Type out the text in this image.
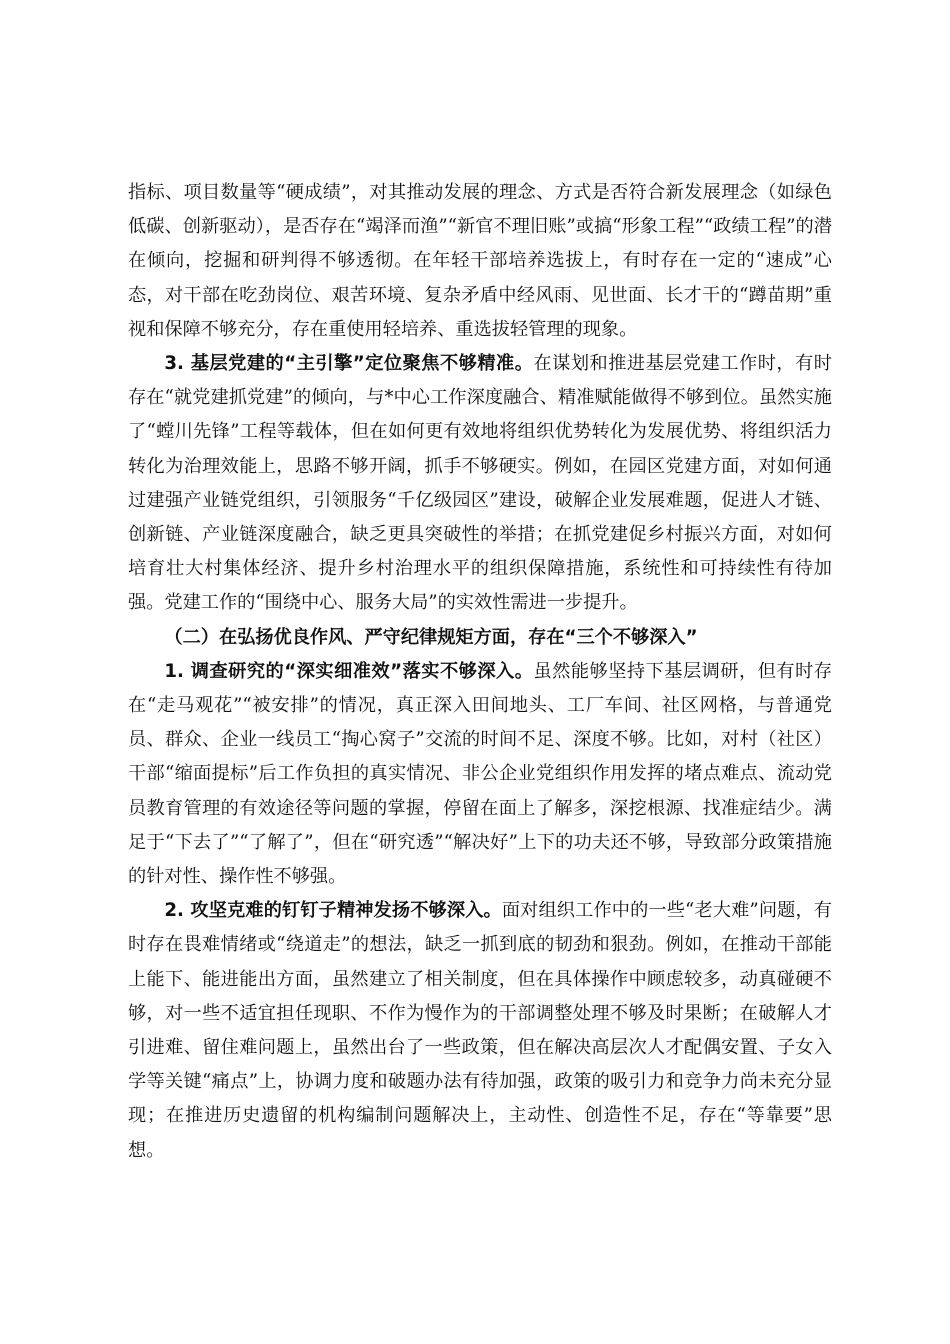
指标、项目数量等“硬成绩”，对其推动发展的理念、方式是否符合新发展理念（如绿色低碳、创新驱动），是否存在“竭泽而渔”“新官不理旧账”或搞“形象工程”“政绩工程”的潜在倾向，挖掘和研判得不够透彻。在年轻干部培养选拔上，有时存在一定的“速成”心态，对干部在吃劲岗位、艰苦环境、复杂矛盾中经风雨、见世面、长才干的“蹲苗期”重视和保障不够充分，存在重使用轻培养、重选拔轻管理的现象。

3. 基层党建的“主引擎”定位聚焦不够精准。在谋划和推进基层党建工作时，有时存在“就党建抓党建”的倾向，与*中心工作深度融合、精准赋能做得不够到位。虽然实施了“螳川先锋”工程等载体，但在如何更有效地将组织优势转化为发展优势、将组织活力转化为治理效能上，思路不够开阔，抓手不够硬实。例如，在园区党建方面，对如何通过建强产业链党组织，引领服务“千亿级园区”建设，破解企业发展难题，促进人才链、创新链、产业链深度融合，缺乏更具突破性的举措；在抓党建促乡村振兴方面，对如何培育壮大村集体经济、提升乡村治理水平的组织保障措施，系统性和可持续性有待加强。党建工作的“围绕中心、服务大局”的实效性需进一步提升。

（二）在弘扬优良作风、严守纪律规矩方面，存在“三个不够深入”

1. 调查研究的“深实细准效”落实不够深入。虽然能够坚持下基层调研，但有时存在“走马观花”“被安排”的情况，真正深入田间地头、工厂车间、社区网格，与普通党员、群众、企业一线员工“掏心窝子”交流的时间不足、深度不够。比如，对村（社区）干部“缩面提标”后工作负担的真实情况、非公企业党组织作用发挥的堵点难点、流动党员教育管理的有效途径等问题的掌握，停留在面上了解多，深挖根源、找准症结少。满足于“下去了”“了解了”，但在“研究透”“解决好”上下的功夫还不够，导致部分政策措施的针对性、操作性不够强。

2. 攻坚克难的钉钉子精神发扬不够深入。面对组织工作中的一些“老大难”问题，有时存在畏难情绪或“绕道走”的想法，缺乏一抓到底的韧劲和狠劲。例如，在推动干部能上能下、能进能出方面，虽然建立了相关制度，但在具体操作中顾虑较多，动真碰硬不够，对一些不适宜担任现职、不作为慢作为的干部调整处理不够及时果断；在破解人才引进难、留住难问题上，虽然出台了一些政策，但在解决高层次人才配偶安置、子女入学等关键“痛点”上，协调力度和破题办法有待加强，政策的吸引力和竞争力尚未充分显现；在推进历史遗留的机构编制问题解决上，主动性、创造性不足，存在“等靠要”思想。
